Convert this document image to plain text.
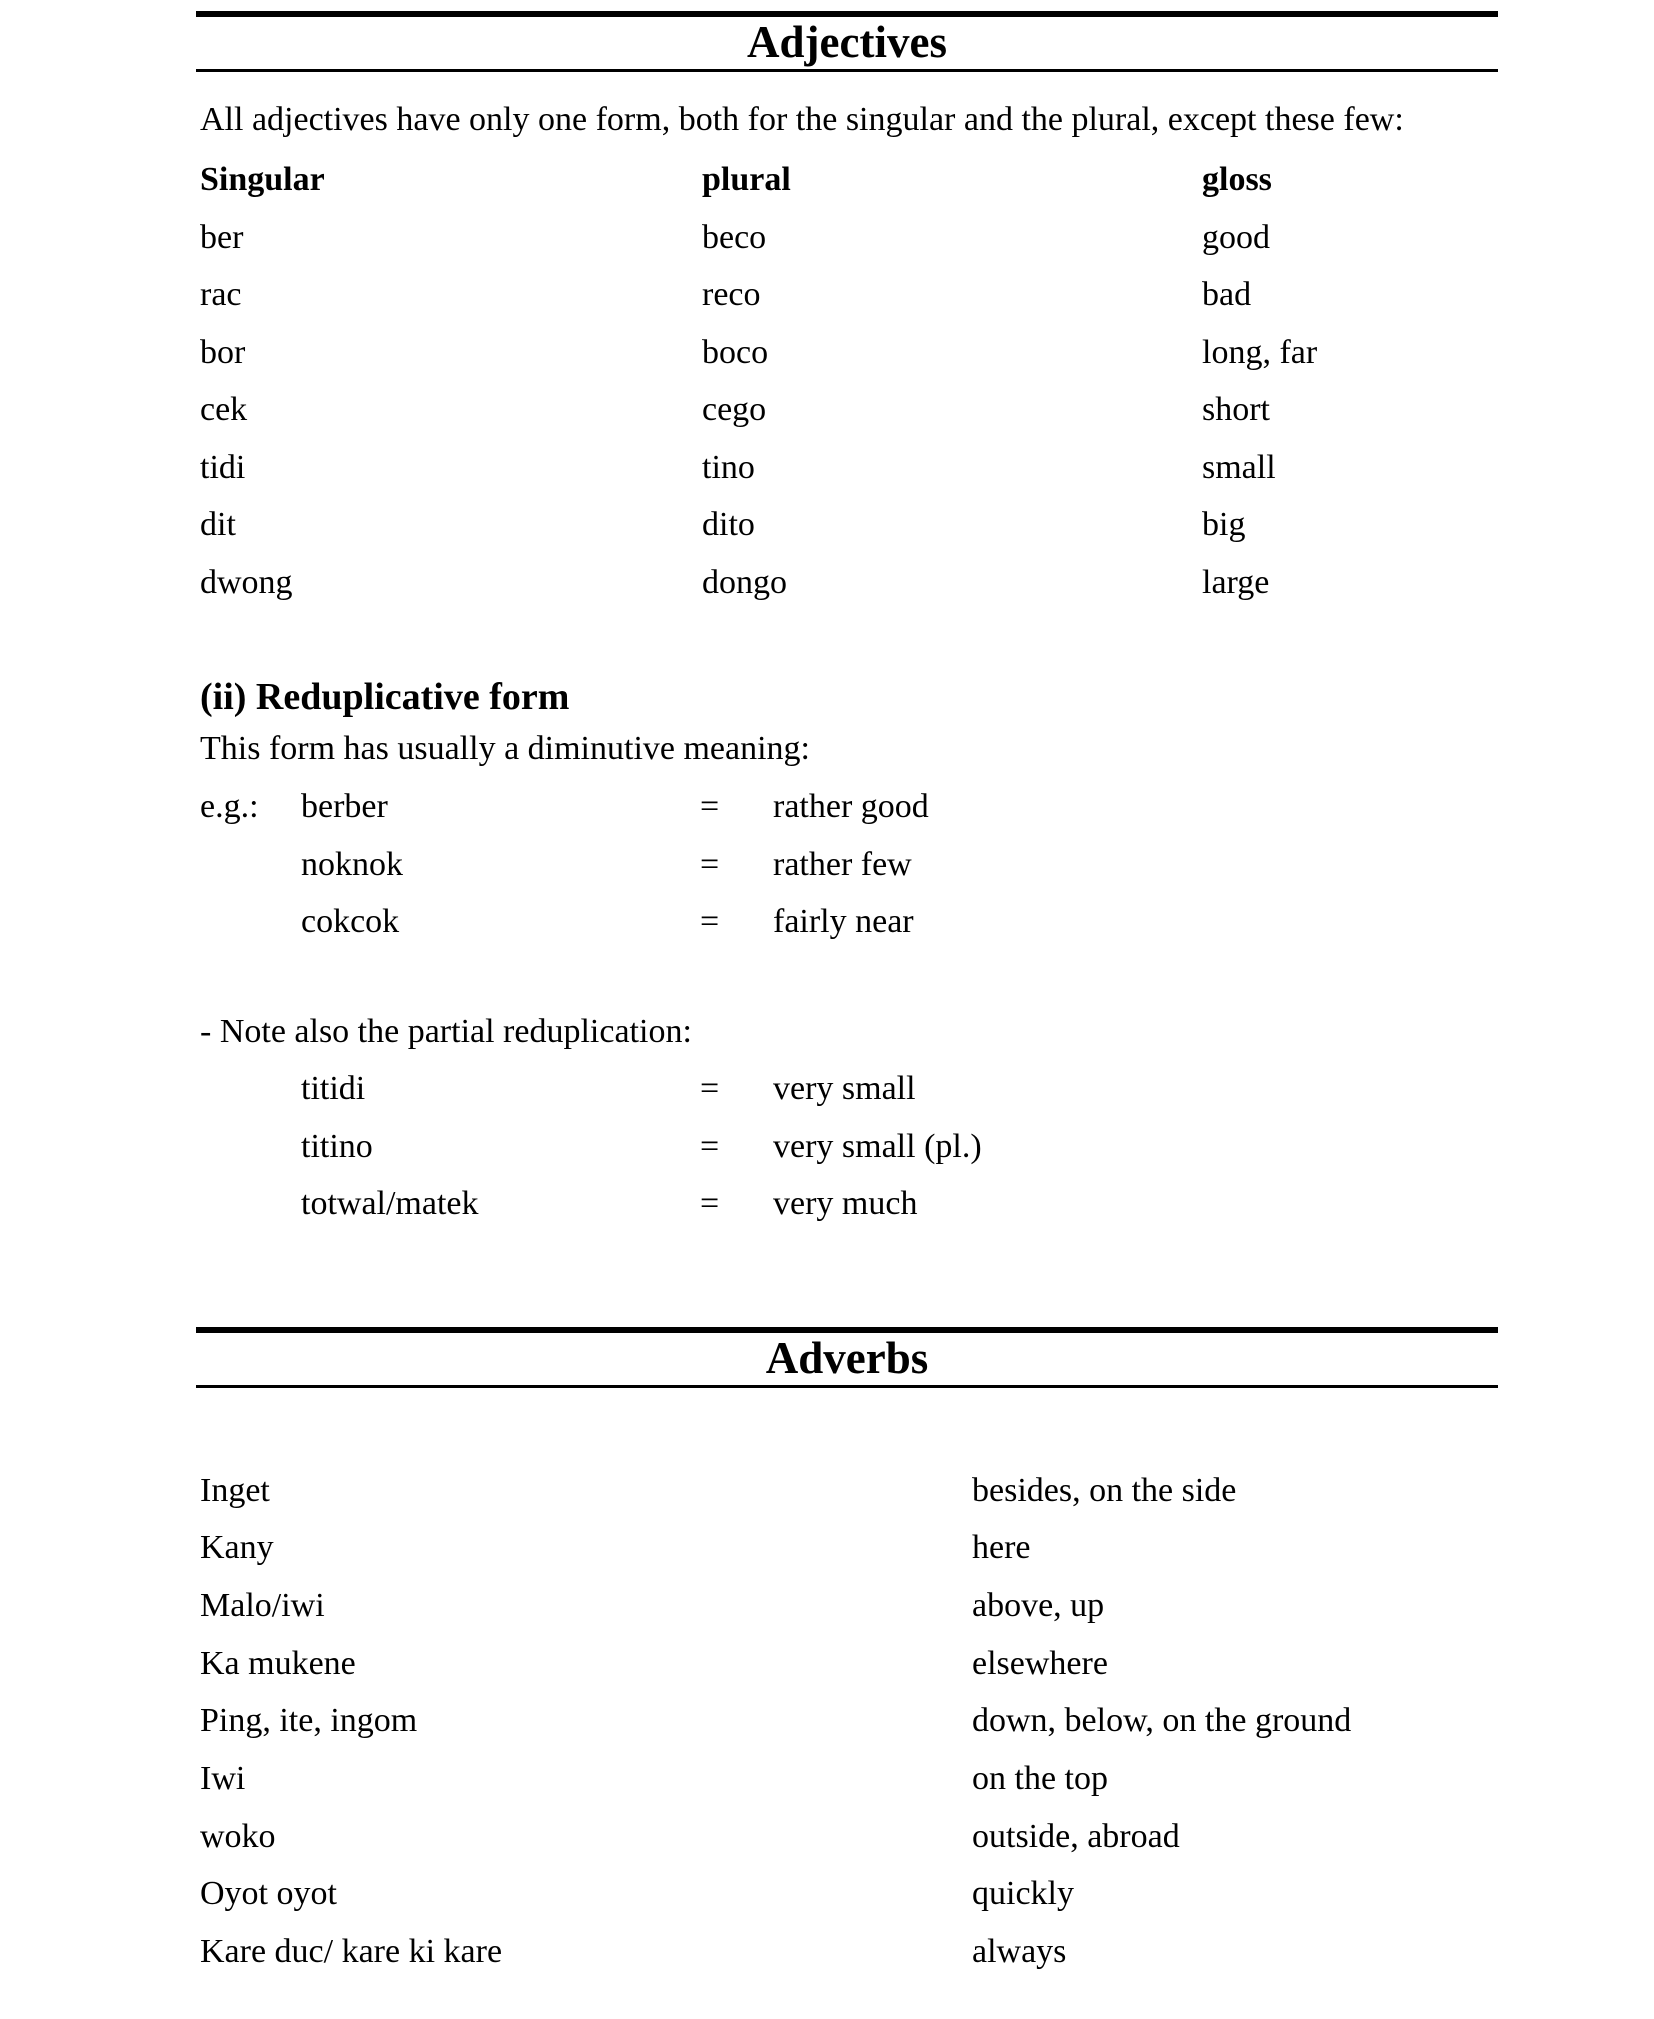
Adjectives

All adjectives have only one form, both for the singular and the plural, except these few:

Singular	plural	gloss
ber	beco	good
rac	reco	bad
bor	boco	long, far
cek	cego	short
tidi	tino	small
dit	dito	big
dwong	dongo	large
(ii) Reduplicative form

This form has usually a diminutive meaning:

e.g.:	berber	=	rather good
noknok	=	rather few
cokcok	=	fairly near

- Note also the partial reduplication:

titidi	=	very small
titino	=	very small (pl.)
totwal/matek	=	very much
Adverbs
Inget	besides, on the side
Kany	here
Malo/iwi	above, up
Ka mukene	elsewhere
Ping, ite, ingom	down, below, on the ground
Iwi	on the top
woko	outside, abroad
Oyot oyot	quickly
Kare duc/ kare ki kare	always
